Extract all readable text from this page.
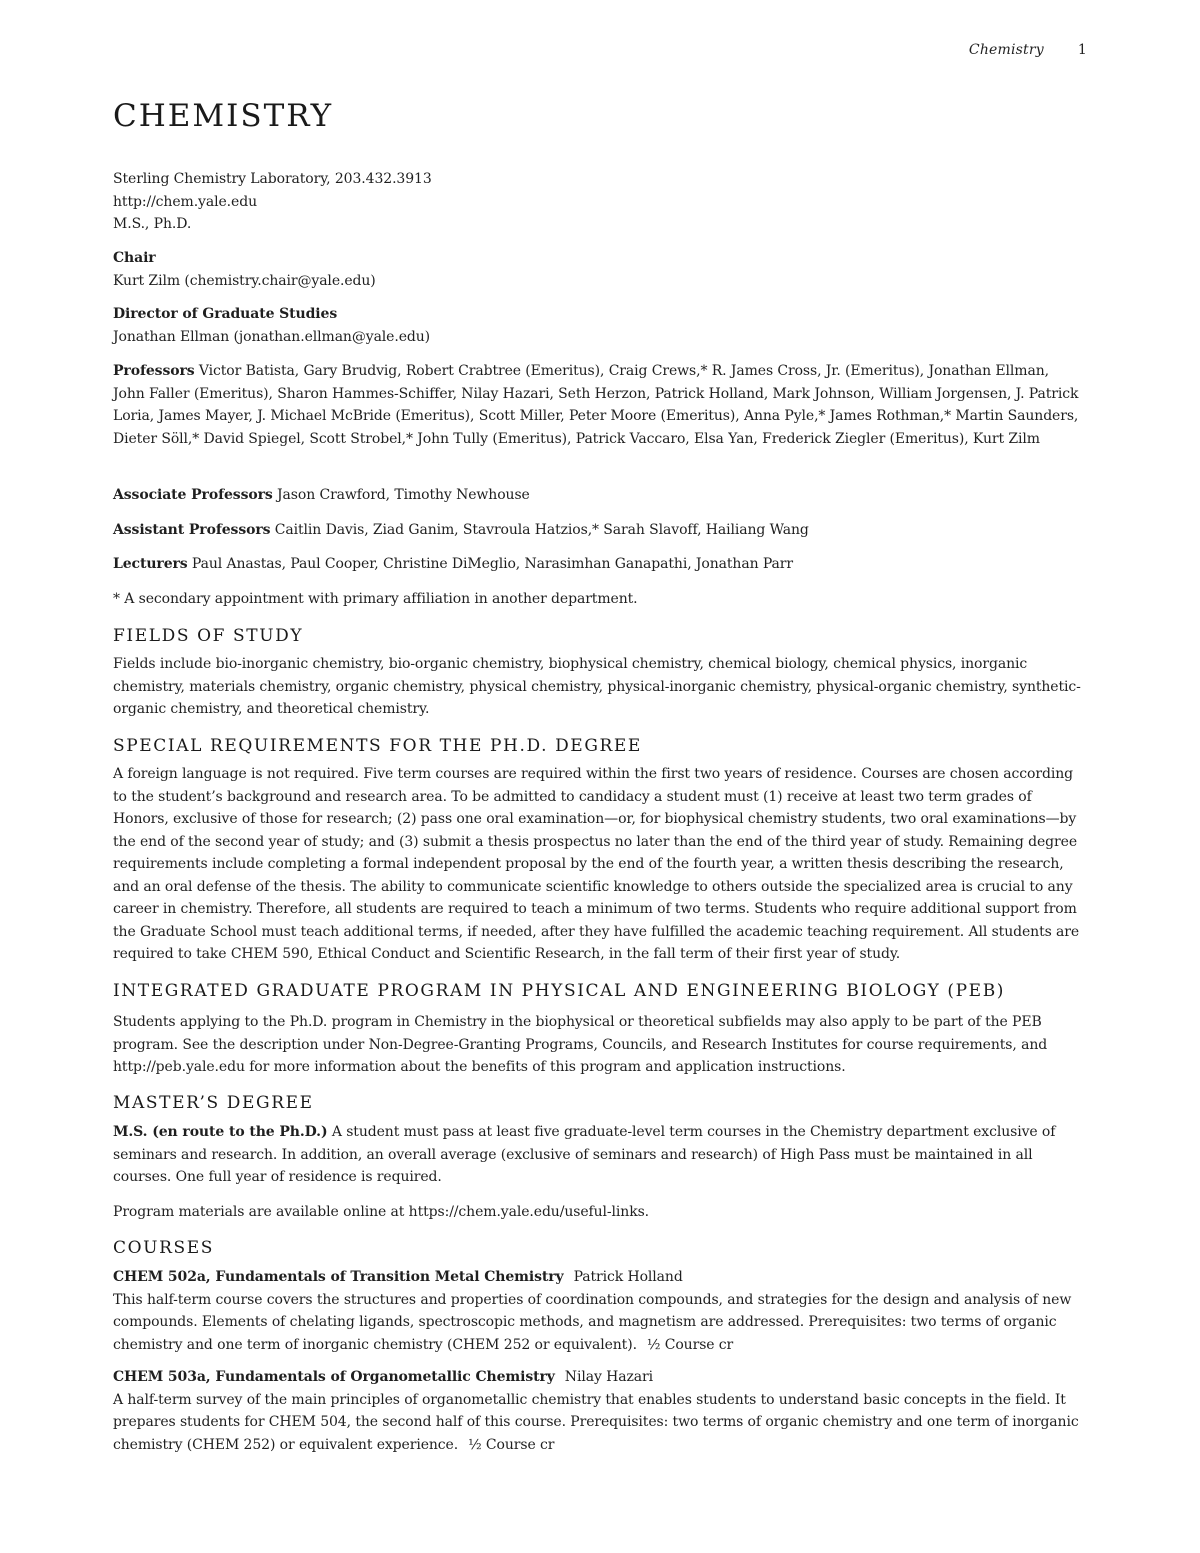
Chemistry 1
CHEMISTRY

Sterling Chemistry Laboratory, 203.432.3913

http://chem.yale.edu

M.S., Ph.D.

Chair

Kurt Zilm (chemistry.chair@yale.edu)

Director of Graduate Studies

Jonathan Ellman (jonathan.ellman@yale.edu)

Professors Victor Batista, Gary Brudvig, Robert Crabtree (Emeritus), Craig Crews,* R. James Cross, Jr. (Emeritus), Jonathan Ellman, John Faller (Emeritus), Sharon Hammes-Schiffer, Nilay Hazari, Seth Herzon, Patrick Holland, Mark Johnson, William Jorgensen, J. Patrick Loria, James Mayer, J. Michael McBride (Emeritus), Scott Miller, Peter Moore (Emeritus), Anna Pyle,* James Rothman,* Martin Saunders, Dieter Söll,* David Spiegel, Scott Strobel,* John Tully (Emeritus), Patrick Vaccaro, Elsa Yan, Frederick Ziegler (Emeritus), Kurt Zilm

Associate Professors Jason Crawford, Timothy Newhouse

Assistant Professors Caitlin Davis, Ziad Ganim, Stavroula Hatzios,* Sarah Slavoff, Hailiang Wang

Lecturers Paul Anastas, Paul Cooper, Christine DiMeglio, Narasimhan Ganapathi, Jonathan Parr

* A secondary appointment with primary affiliation in another department.

FIELDS OF STUDY

Fields include bio-inorganic chemistry, bio-organic chemistry, biophysical chemistry, chemical biology, chemical physics, inorganic chemistry, materials chemistry, organic chemistry, physical chemistry, physical-inorganic chemistry, physical-organic chemistry, synthetic-organic chemistry, and theoretical chemistry.

SPECIAL REQUIREMENTS FOR THE PH.D. DEGREE

A foreign language is not required. Five term courses are required within the first two years of residence. Courses are chosen according to the student’s background and research area. To be admitted to candidacy a student must (1) receive at least two term grades of Honors, exclusive of those for research; (2) pass one oral examination—or, for biophysical chemistry students, two oral examinations—by the end of the second year of study; and (3) submit a thesis prospectus no later than the end of the third year of study. Remaining degree requirements include completing a formal independent proposal by the end of the fourth year, a written thesis describing the research, and an oral defense of the thesis. The ability to communicate scientific knowledge to others outside the specialized area is crucial to any career in chemistry. Therefore, all students are required to teach a minimum of two terms. Students who require additional support from the Graduate School must teach additional terms, if needed, after they have fulfilled the academic teaching requirement. All students are required to take CHEM 590, Ethical Conduct and Scientific Research, in the fall term of their first year of study.

INTEGRATED GRADUATE PROGRAM IN PHYSICAL AND ENGINEERING BIOLOGY (PEB)

Students applying to the Ph.D. program in Chemistry in the biophysical or theoretical subfields may also apply to be part of the PEB program. See the description under Non-Degree-Granting Programs, Councils, and Research Institutes for course requirements, and http://peb.yale.edu for more information about the benefits of this program and application instructions.

MASTER’S DEGREE

M.S. (en route to the Ph.D.) A student must pass at least five graduate-level term courses in the Chemistry department exclusive of seminars and research. In addition, an overall average (exclusive of seminars and research) of High Pass must be maintained in all courses. One full year of residence is required.

Program materials are available online at https://chem.yale.edu/useful-links.

COURSES

CHEM 502a, Fundamentals of Transition Metal Chemistry Patrick Holland

This half-term course covers the structures and properties of coordination compounds, and strategies for the design and analysis of new compounds. Elements of chelating ligands, spectroscopic methods, and magnetism are addressed. Prerequisites: two terms of organic chemistry and one term of inorganic chemistry (CHEM 252 or equivalent). ½ Course cr

CHEM 503a, Fundamentals of Organometallic Chemistry Nilay Hazari

A half-term survey of the main principles of organometallic chemistry that enables students to understand basic concepts in the field. It prepares students for CHEM 504, the second half of this course. Prerequisites: two terms of organic chemistry and one term of inorganic chemistry (CHEM 252) or equivalent experience. ½ Course cr
